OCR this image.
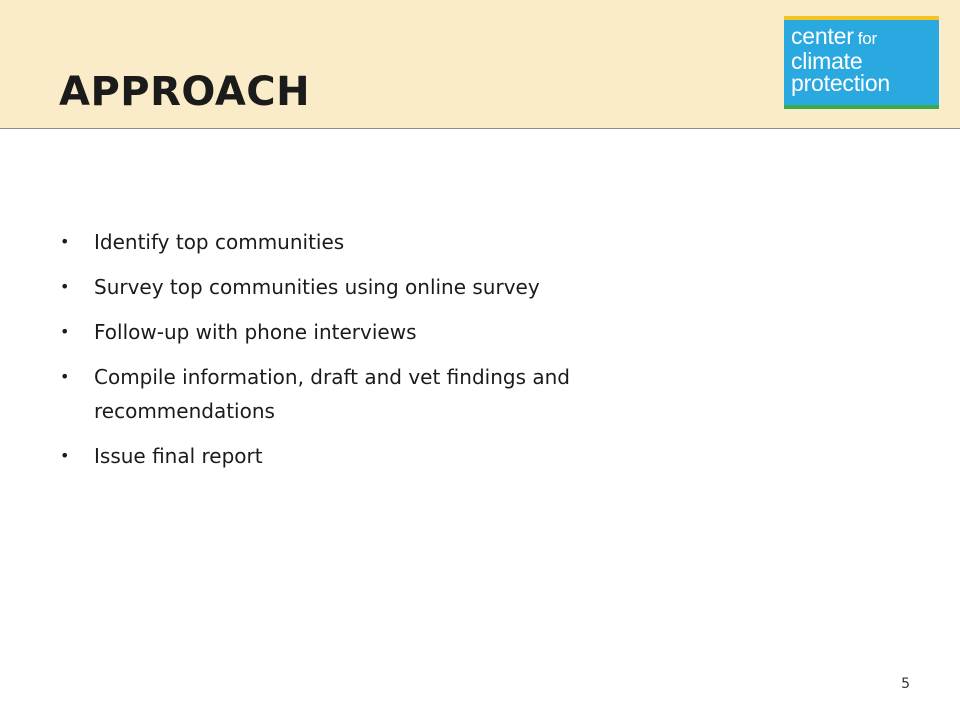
APPROACH
center for
climate
protection
• Identify top communities
• Survey top communities using online survey
• Follow-up with phone interviews
• Compile information, draft and vet findings and recommendations
• Issue final report
5
